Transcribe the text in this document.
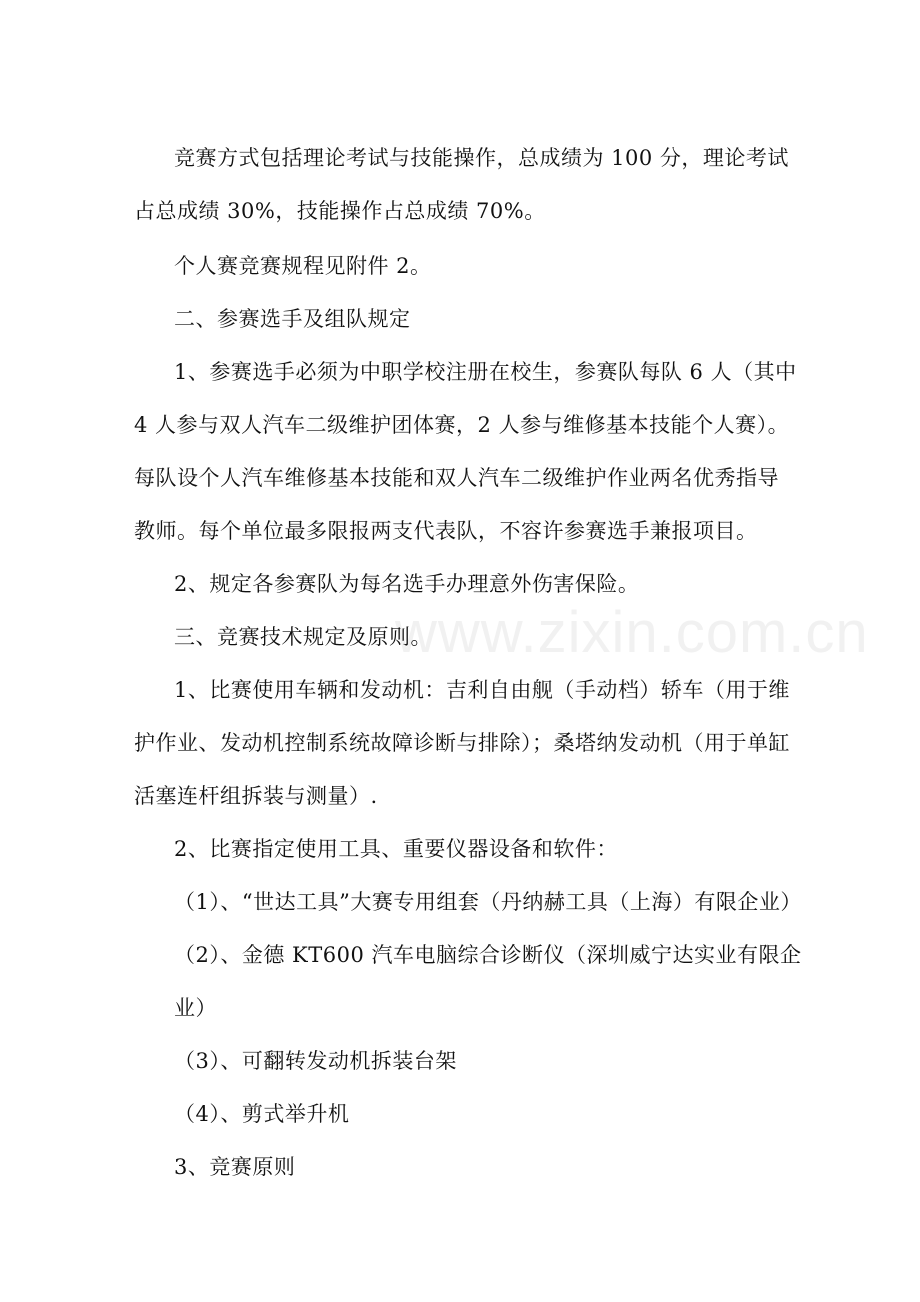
www.zixin.com.cn
竞赛方式包括理论考试与技能操作，总成绩为 100 分，理论考试
占总成绩 30%，技能操作占总成绩 70%。
个人赛竞赛规程见附件 2。
二、参赛选手及组队规定
1、参赛选手必须为中职学校注册在校生，参赛队每队 6 人（其中
4 人参与双人汽车二级维护团体赛，2 人参与维修基本技能个人赛）。
每队设个人汽车维修基本技能和双人汽车二级维护作业两名优秀指导
教师。每个单位最多限报两支代表队，不容许参赛选手兼报项目。
2、规定各参赛队为每名选手办理意外伤害保险。
三、竞赛技术规定及原则。
1、比赛使用车辆和发动机：吉利自由舰（手动档）轿车（用于维
护作业、发动机控制系统故障诊断与排除）；桑塔纳发动机（用于单缸
活塞连杆组拆装与测量）.
2、比赛指定使用工具、重要仪器设备和软件：
（1）、“世达工具”大赛专用组套（丹纳赫工具（上海）有限企业）
（2）、金德 KT600 汽车电脑综合诊断仪（深圳威宁达实业有限企
业）
（3）、可翻转发动机拆装台架
（4）、剪式举升机
3、竞赛原则
